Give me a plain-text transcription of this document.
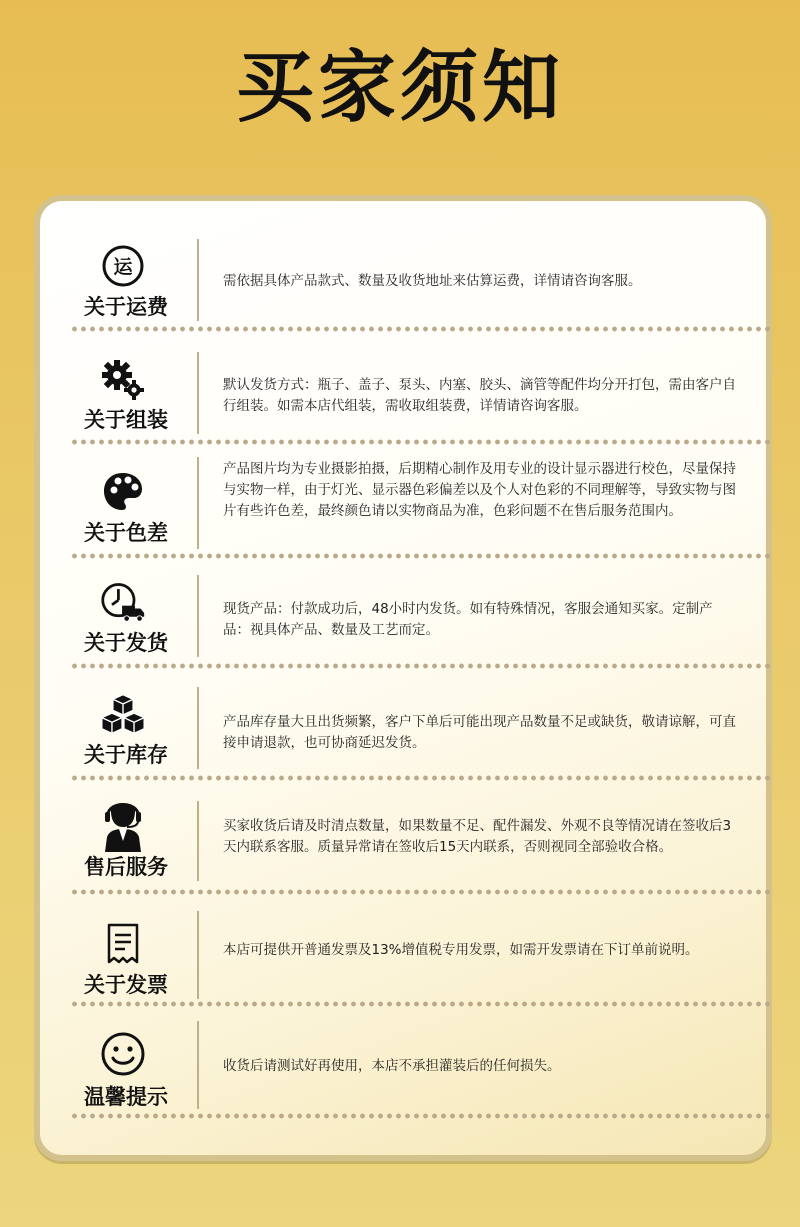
买家须知
运
关于运费
需依据具体产品款式、数量及收货地址来估算运费，详情请咨询客服。
关于组装
默认发货方式：瓶子、盖子、泵头、内塞、胶头、滴管等配件均分开打包，需由客户自行组装。如需本店代组装，需收取组装费，详情请咨询客服。
关于色差
产品图片均为专业摄影拍摄，后期精心制作及用专业的设计显示器进行校色，尽量保持与实物一样，由于灯光、显示器色彩偏差以及个人对色彩的不同理解等，导致实物与图片有些许色差，最终颜色请以实物商品为准，色彩问题不在售后服务范围内。
关于发货
现货产品：付款成功后，48小时内发货。如有特殊情况，客服会通知买家。定制产品：视具体产品、数量及工艺而定。
关于库存
产品库存量大且出货频繁，客户下单后可能出现产品数量不足或缺货，敬请谅解，可直接申请退款，也可协商延迟发货。
售后服务
买家收货后请及时清点数量，如果数量不足、配件漏发、外观不良等情况请在签收后3天内联系客服。质量异常请在签收后15天内联系，否则视同全部验收合格。
关于发票
本店可提供开普通发票及13%增值税专用发票，如需开发票请在下订单前说明。
温馨提示
收货后请测试好再使用，本店不承担灌装后的任何损失。
